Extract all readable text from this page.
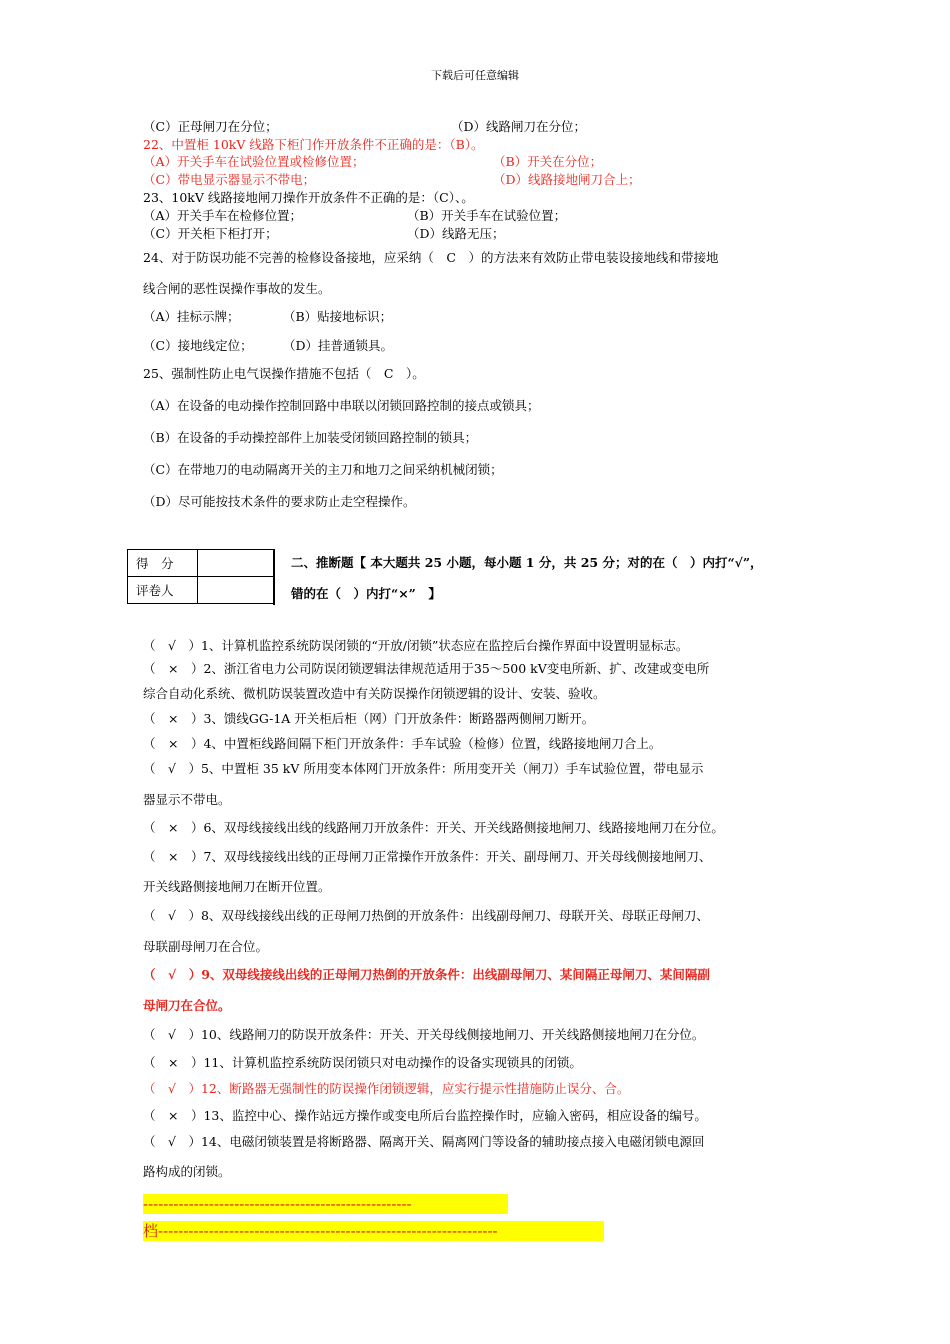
下载后可任意编辑
（C）正母闸刀在分位；	（D）线路闸刀在分位；
22、中置柜 10kV 线路下柜门作开放条件不正确的是：（B）。
（A）开关手车在试验位置或检修位置；	（B）开关在分位；
（C）带电显示器显示不带电；	（D）线路接地闸刀合上；
23、10kV 线路接地闸刀操作开放条件不正确的是：（C）、。
（A）开关手车在检修位置；	（B）开关手车在试验位置；
（C）开关柜下柜打开；	（D）线路无压；
24、对于防误功能不完善的检修设备接地，应采纳（　C　）的方法来有效防止带电装设接地线和带接地
线合闸的恶性误操作事故的发生。
（A）挂标示牌；	（B）贴接地标识；
（C）接地线定位； （D）挂普通锁具。
25、强制性防止电气误操作措施不包括（　C　）。
（A）在设备的电动操作控制回路中串联以闭锁回路控制的接点或锁具；
（B）在设备的手动操控部件上加装受闭锁回路控制的锁具；
（C）在带地刀的电动隔离开关的主刀和地刀之间采纳机械闭锁；
（D）尽可能按技术条件的要求防止走空程操作。
得　分	
评卷人	
二、推断题【 本大题共 25 小题，每小题 1 分，共 25 分；对的在（　）内打“√”，
错的在（　）内打“×”　】
（　√　）1、计算机监控系统防误闭锁的“开放/闭锁”状态应在监控后台操作界面中设置明显标志。
（　×　）2、浙江省电力公司防误闭锁逻辑法律规范适用于35～500 kV变电所新、扩、改建或变电所
综合自动化系统、微机防误装置改造中有关防误操作闭锁逻辑的设计、安装、验收。
（　×　）3、馈线GG-1A 开关柜后柜（网）门开放条件：断路器两侧闸刀断开。
（　×　）4、中置柜线路间隔下柜门开放条件：手车试验（检修）位置，线路接地闸刀合上。
（　√　）5、中置柜 35 kV 所用变本体网门开放条件：所用变开关（闸刀）手车试验位置，带电显示
器显示不带电。
（　×　）6、双母线接线出线的线路闸刀开放条件：开关、开关线路侧接地闸刀、线路接地闸刀在分位。
（　×　）7、双母线接线出线的正母闸刀正常操作开放条件：开关、副母闸刀、开关母线侧接地闸刀、
开关线路侧接地闸刀在断开位置。
（　√　）8、双母线接线出线的正母闸刀热倒的开放条件：出线副母闸刀、母联开关、母联正母闸刀、
母联副母闸刀在合位。
（　√　）9、双母线接线出线的正母闸刀热倒的开放条件：出线副母闸刀、某间隔正母闸刀、某间隔副
母闸刀在合位。
（　√　）10、线路闸刀的防误开放条件：开关、开关母线侧接地闸刀、开关线路侧接地闸刀在分位。
（　×　）11、计算机监控系统防误闭锁只对电动操作的设备实现锁具的闭锁。
（　√　）12、断路器无强制性的防误操作闭锁逻辑，应实行提示性措施防止误分、合。
（　×　）13、监控中心、操作站远方操作或变电所后台监控操作时，应输入密码，相应设备的编号。
（　√　）14、电磁闭锁装置是将断路器、隔离开关、隔离网门等设备的辅助接点接入电磁闭锁电源回
路构成的闭锁。
-----------------------------------------------------
档-------------------------------------------------------------------
